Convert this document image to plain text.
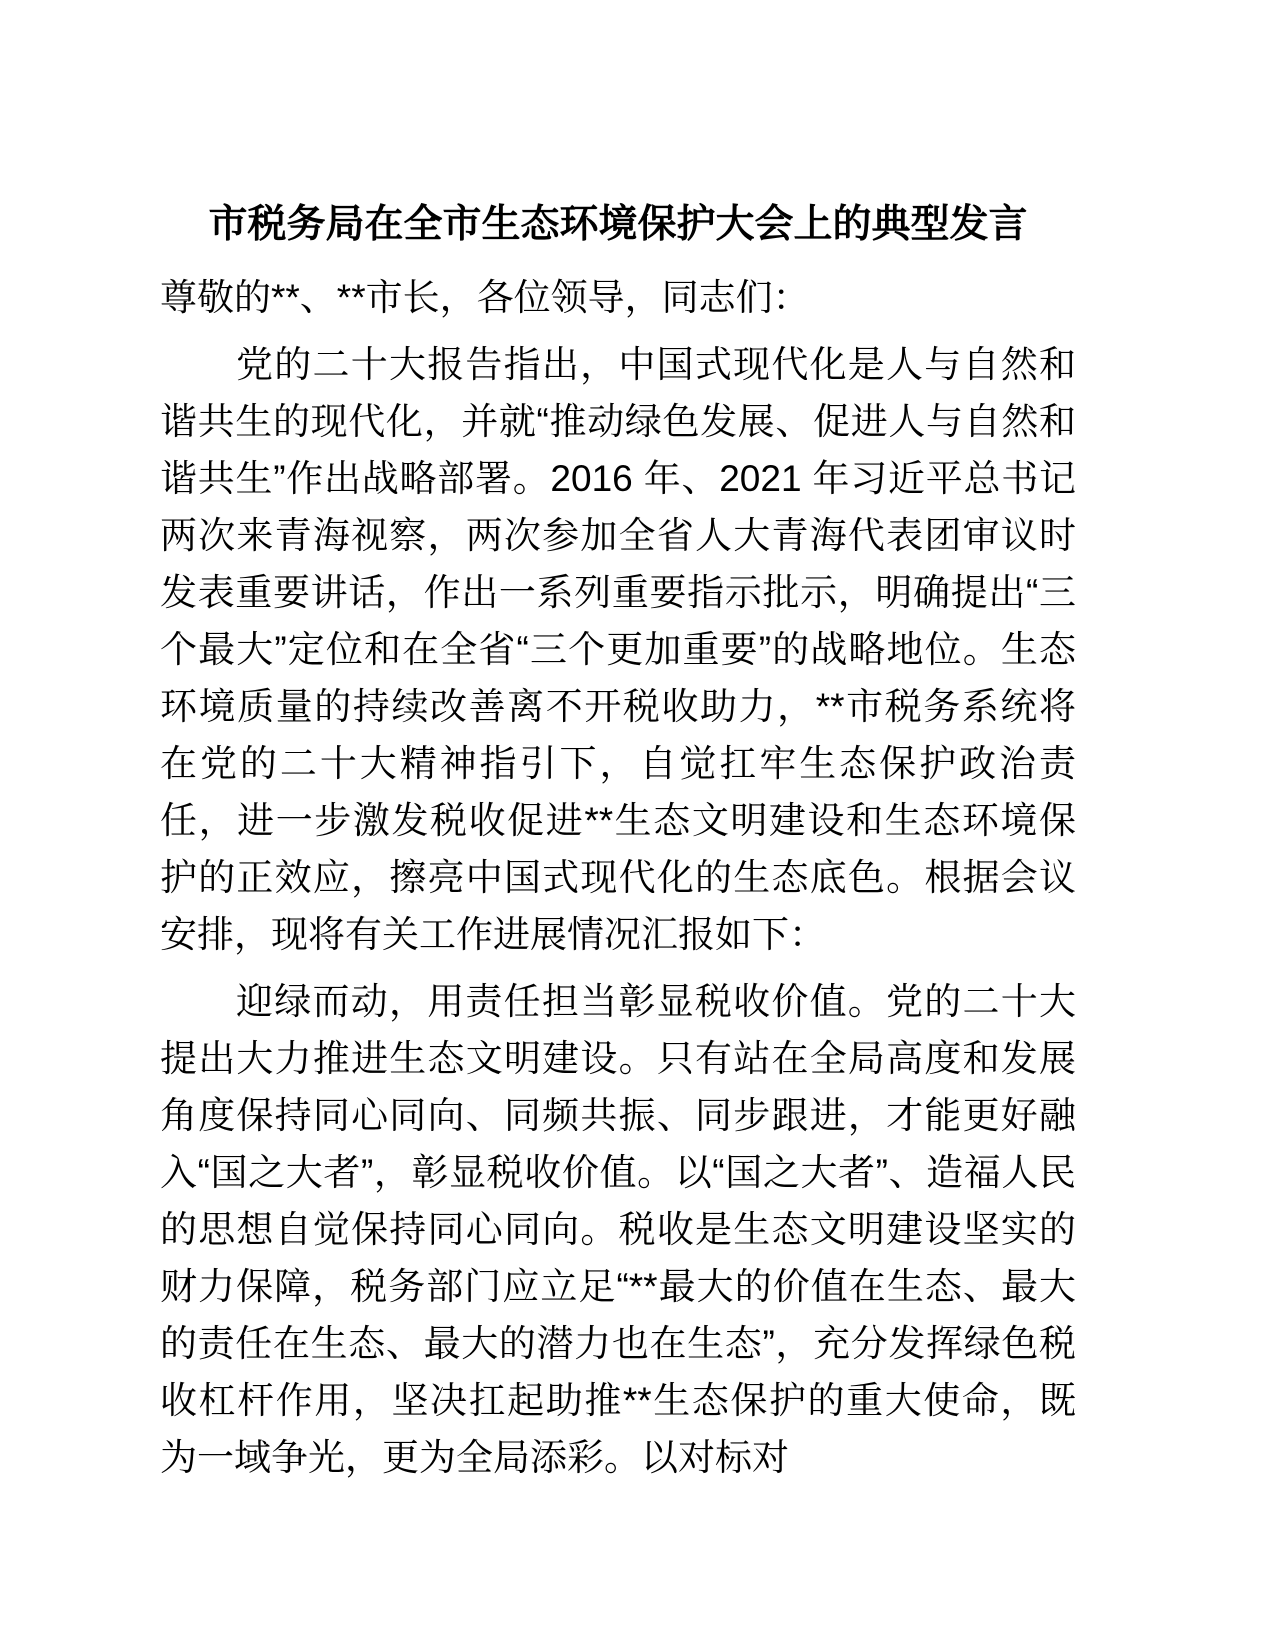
市税务局在全市生态环境保护大会上的典型发言

尊敬的**、**市长，各位领导，同志们：

党的二十大报告指出，中国式现代化是人与自然和谐共生的现代化，并就“推动绿色发展、促进人与自然和谐共生”作出战略部署。2016 年、2021 年习近平总书记两次来青海视察，两次参加全省人大青海代表团审议时发表重要讲话，作出一系列重要指示批示，明确提出“三个最大”定位和在全省“三个更加重要”的战略地位。生态环境质量的持续改善离不开税收助力，**市税务系统将在党的二十大精神指引下，自觉扛牢生态保护政治责任，进一步激发税收促进**生态文明建设和生态环境保护的正效应，擦亮中国式现代化的生态底色。根据会议安排，现将有关工作进展情况汇报如下：

迎绿而动，用责任担当彰显税收价值。党的二十大提出大力推进生态文明建设。只有站在全局高度和发展角度保持同心同向、同频共振、同步跟进，才能更好融入“国之大者”，彰显税收价值。以“国之大者”、造福人民的思想自觉保持同心同向。税收是生态文明建设坚实的财力保障，税务部门应立足“**最大的价值在生态、最大的责任在生态、最大的潜力也在生态”，充分发挥绿色税收杠杆作用，坚决扛起助推**生态保护的重大使命，既为一域争光，更为全局添彩。以对标对
